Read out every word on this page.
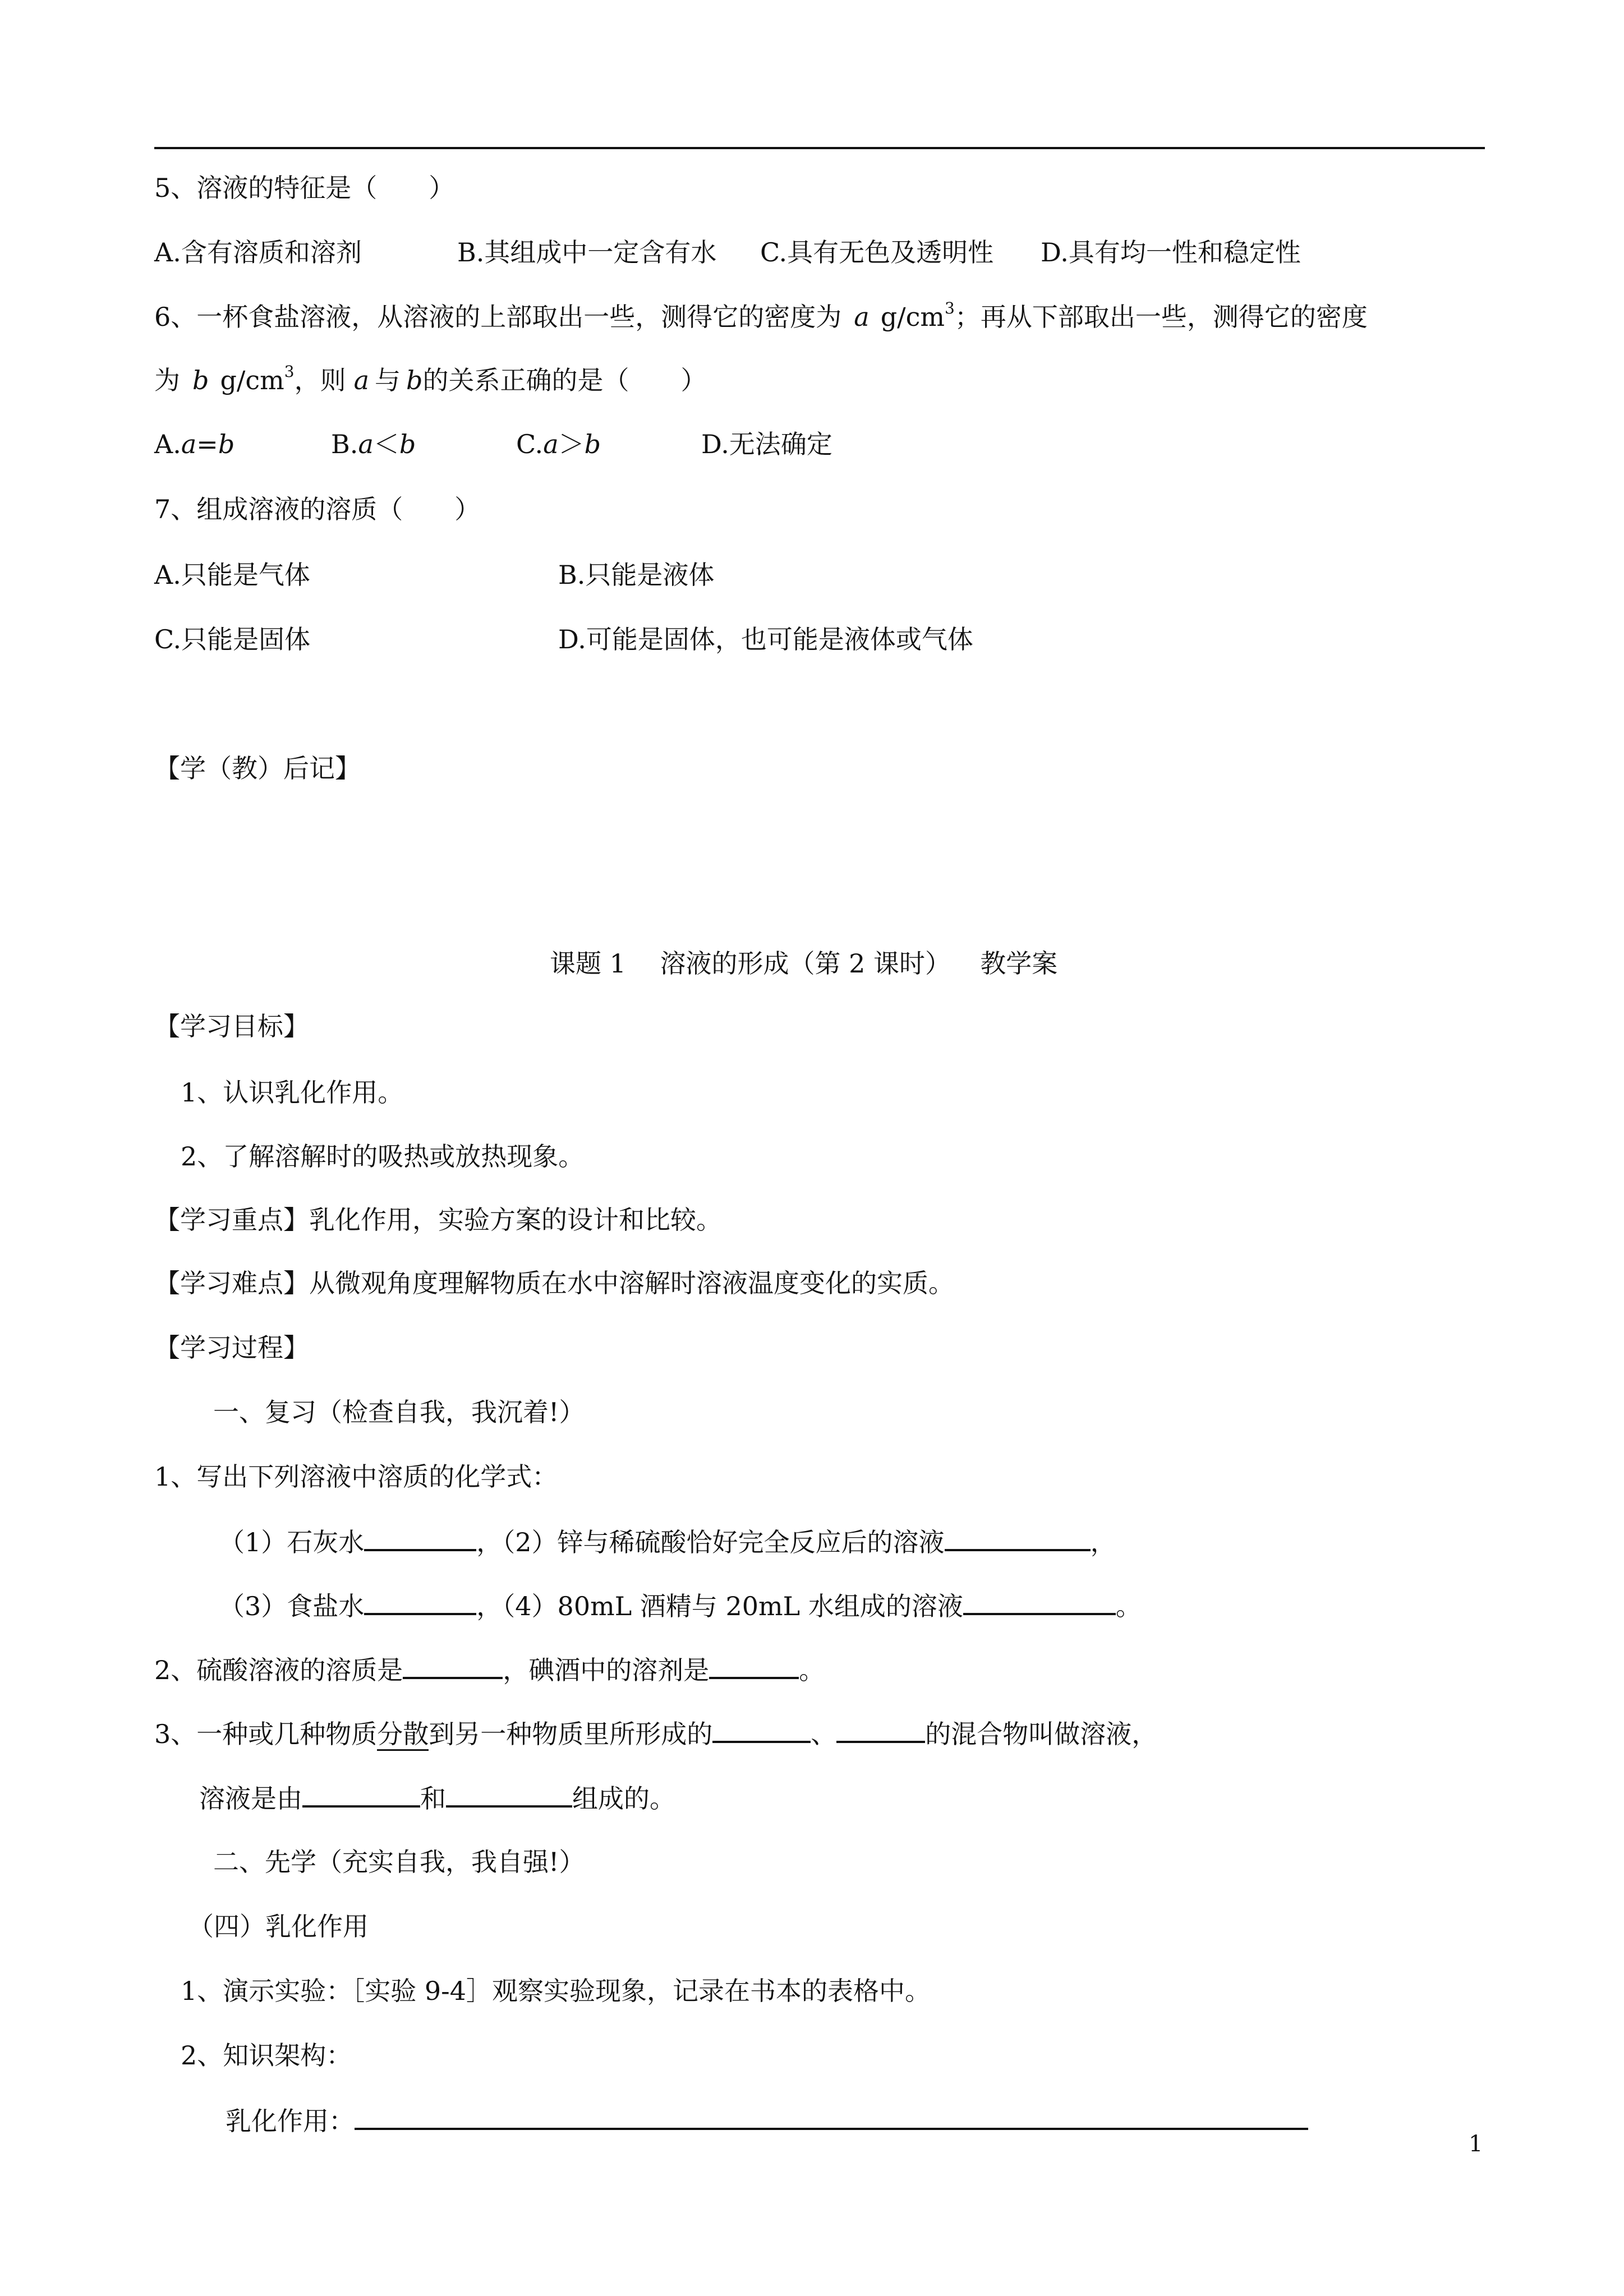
5、溶液的特征是（　　）
A.含有溶质和溶剂	B.其组成中一定含有水 C.具有无色及透明性 D.具有均一性和稳定性
6、一杯食盐溶液，从溶液的上部取出一些，测得它的密度为 a $g/cm^3$；再从下部取出一些，测得它的密度
为 b $g/cm^3$，则 a 与 b的关系正确的是（　　）
A.a=b	B.a＜b	C.a＞b	D.无法确定
7、组成溶液的溶质（　　）
A.只能是气体	B.只能是液体
C.只能是固体	D.可能是固体，也可能是液体或气体
【学（教）后记】
课题 1　 溶液的形成（第 2 课时）　  教学案
【学习目标】
1、认识乳化作用。
2、了解溶解时的吸热或放热现象。
【学习重点】乳化作用，实验方案的设计和比较。
【学习难点】从微观角度理解物质在水中溶解时溶液温度变化的实质。
【学习过程】
一、复习（检查自我，我沉着!）
1、写出下列溶液中溶质的化学式：
（1）石灰水	，（2）锌与稀硫酸恰好完全反应后的溶液	，
（3）食盐水	，（4）80mL 酒精与 20mL 水组成的溶液	。
2、硫酸溶液的溶质是	，碘酒中的溶剂是	。
3、一种或几种物质分散到另一种物质里所形成的	、	的混合物叫做溶液，
溶液是由	和	组成的。
二、先学（充实自我，我自强!）
（四）乳化作用
1、演示实验：［实验 9-4］观察实验现象，记录在书本的表格中。
2、知识架构：
乳化作用：
1
